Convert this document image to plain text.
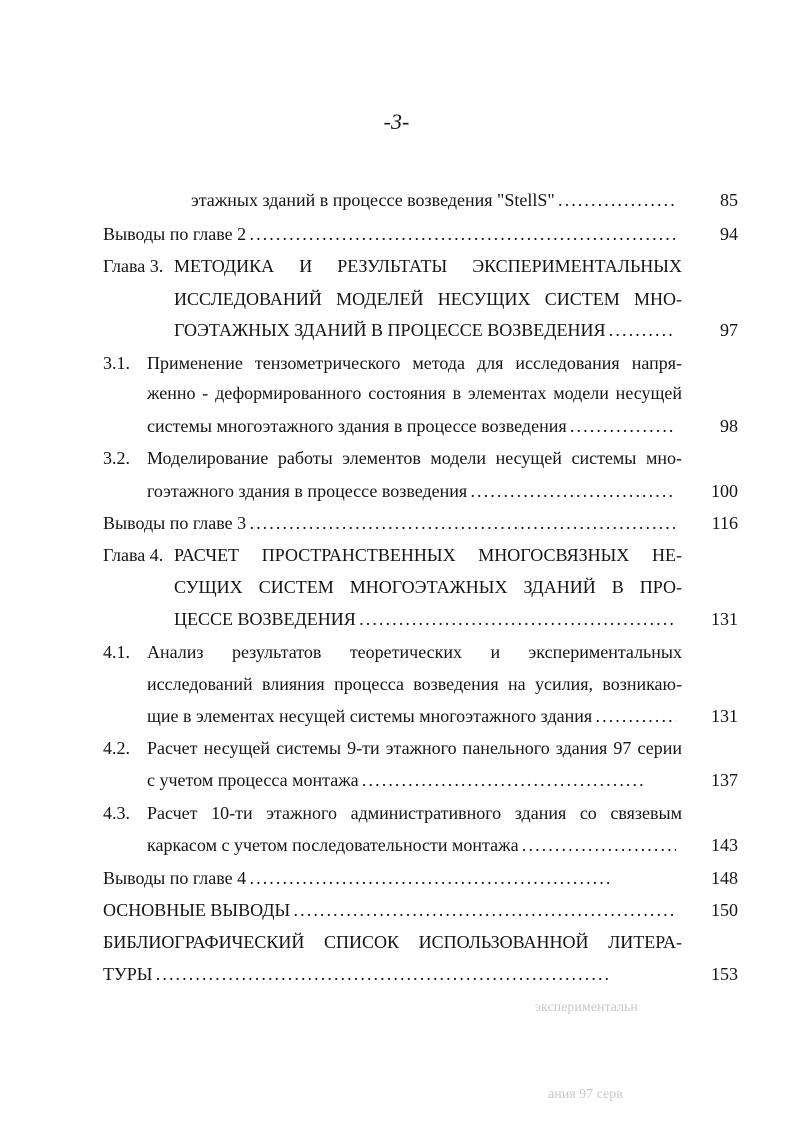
-3-
этажных зданий в процессе возведения "StellS" . . .	85
Выводы по главе 2 . . .	94
Глава 3. МЕТОДИКА И РЕЗУЛЬТАТЫ ЭКСПЕРИМЕНТАЛЬНЫХ
ИССЛЕДОВАНИЙ МОДЕЛЕЙ НЕСУЩИХ СИСТЕМ МНО-
ГОЭТАЖНЫХ ЗДАНИЙ В ПРОЦЕССЕ ВОЗВЕДЕНИЯ . . .	97
3.1. Применение тензометрического метода для исследования напря-
женно - деформированного состояния в элементах модели несущей
системы многоэтажного здания в процессе возведения . . .	98
3.2. Моделирование работы элементов модели несущей системы мно-
гоэтажного здания в процессе возведения . . .	100
Выводы по главе 3 . . .	116
Глава 4. РАСЧЕТ ПРОСТРАНСТВЕННЫХ МНОГОСВЯЗНЫХ НЕ-
СУЩИХ СИСТЕМ МНОГОЭТАЖНЫХ ЗДАНИЙ В ПРО-
ЦЕССЕ ВОЗВЕДЕНИЯ . . .	131
4.1. Анализ результатов теоретических и экспериментальных
исследований влияния процесса возведения на усилия, возникаю-
щие в элементах несущей системы многоэтажного здания . . .	131
4.2. Расчет несущей системы 9-ти этажного панельного здания 97 серии
с учетом процесса монтажа . . .	137
4.3. Расчет 10-ти этажного административного здания со связевым
каркасом с учетом последовательности монтажа . . .	143
Выводы по главе 4 . . .	148
ОСНОВНЫЕ ВЫВОДЫ . . .	150
БИБЛИОГРАФИЧЕСКИЙ СПИСОК ИСПОЛЬЗОВАННОЙ ЛИТЕРА-
ТУРЫ . . .	153
экспериментальн
ания 97 серв
